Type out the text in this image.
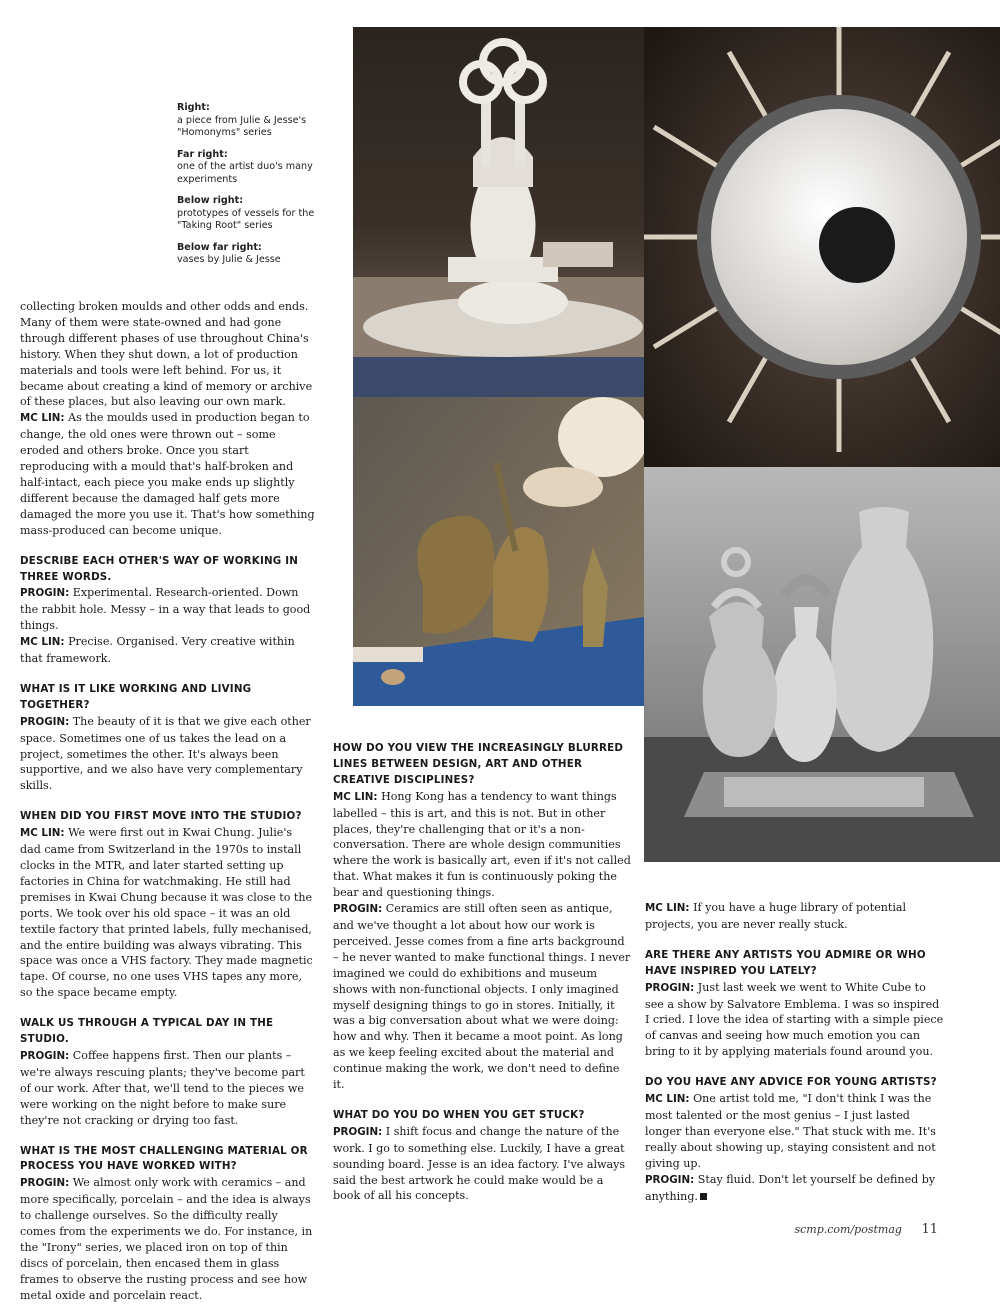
Right:
a piece from Julie & Jesse's "Homonyms" series
Far right:
one of the artist duo's many experiments
Below right:
prototypes of vessels for the "Taking Root" series
Below far right:
vases by Julie & Jesse

collecting broken moulds and other odds and ends. Many of them were state-owned and had gone through different phases of use throughout China's history. When they shut down, a lot of production materials and tools were left behind. For us, it became about creating a kind of memory or archive of these places, but also leaving our own mark.

MC LIN: As the moulds used in production began to change, the old ones were thrown out – some eroded and others broke. Once you start reproducing with a mould that's half-broken and half-intact, each piece you make ends up slightly different because the damaged half gets more damaged the more you use it. That's how something mass-produced can become unique.

DESCRIBE EACH OTHER'S WAY OF WORKING IN THREE WORDS.

PROGIN: Experimental. Research-oriented. Down the rabbit hole. Messy – in a way that leads to good things.

MC LIN: Precise. Organised. Very creative within that framework.

WHAT IS IT LIKE WORKING AND LIVING TOGETHER?

PROGIN: The beauty of it is that we give each other space. Sometimes one of us takes the lead on a project, sometimes the other. It's always been supportive, and we also have very complementary skills.

WHEN DID YOU FIRST MOVE INTO THE STUDIO?

MC LIN: We were first out in Kwai Chung. Julie's dad came from Switzerland in the 1970s to install clocks in the MTR, and later started setting up factories in China for watchmaking. He still had premises in Kwai Chung because it was close to the ports. We took over his old space – it was an old textile factory that printed labels, fully mechanised, and the entire building was always vibrating. This space was once a VHS factory. They made magnetic tape. Of course, no one uses VHS tapes any more, so the space became empty.

WALK US THROUGH A TYPICAL DAY IN THE STUDIO.

PROGIN: Coffee happens first. Then our plants – we're always rescuing plants; they've become part of our work. After that, we'll tend to the pieces we were working on the night before to make sure they're not cracking or drying too fast.

WHAT IS THE MOST CHALLENGING MATERIAL OR PROCESS YOU HAVE WORKED WITH?

PROGIN: We almost only work with ceramics – and more specifically, porcelain – and the idea is always to challenge ourselves. So the difficulty really comes from the experiments we do. For instance, in the "Irony" series, we placed iron on top of thin discs of porcelain, then encased them in glass frames to observe the rusting process and see how metal oxide and porcelain react.

HOW DO YOU VIEW THE INCREASINGLY BLURRED LINES BETWEEN DESIGN, ART AND OTHER CREATIVE DISCIPLINES?

MC LIN: Hong Kong has a tendency to want things labelled – this is art, and this is not. But in other places, they're challenging that or it's a non-conversation. There are whole design communities where the work is basically art, even if it's not called that. What makes it fun is continuously poking the bear and questioning things.

PROGIN: Ceramics are still often seen as antique, and we've thought a lot about how our work is perceived. Jesse comes from a fine arts background – he never wanted to make functional things. I never imagined we could do exhibitions and museum shows with non-functional objects. I only imagined myself designing things to go in stores. Initially, it was a big conversation about what we were doing: how and why. Then it became a moot point. As long as we keep feeling excited about the material and continue making the work, we don't need to define it.

WHAT DO YOU DO WHEN YOU GET STUCK?

PROGIN: I shift focus and change the nature of the work. I go to something else. Luckily, I have a great sounding board. Jesse is an idea factory. I've always said the best artwork he could make would be a book of all his concepts.

MC LIN: If you have a huge library of potential projects, you are never really stuck.

ARE THERE ANY ARTISTS YOU ADMIRE OR WHO HAVE INSPIRED YOU LATELY?

PROGIN: Just last week we went to White Cube to see a show by Salvatore Emblema. I was so inspired I cried. I love the idea of starting with a simple piece of canvas and seeing how much emotion you can bring to it by applying materials found around you.

DO YOU HAVE ANY ADVICE FOR YOUNG ARTISTS?

MC LIN: One artist told me, "I don't think I was the most talented or the most genius – I just lasted longer than everyone else." That stuck with me. It's really about showing up, staying consistent and not giving up.

PROGIN: Stay fluid. Don't let yourself be defined by anything.

scmp.com/postmag 11
